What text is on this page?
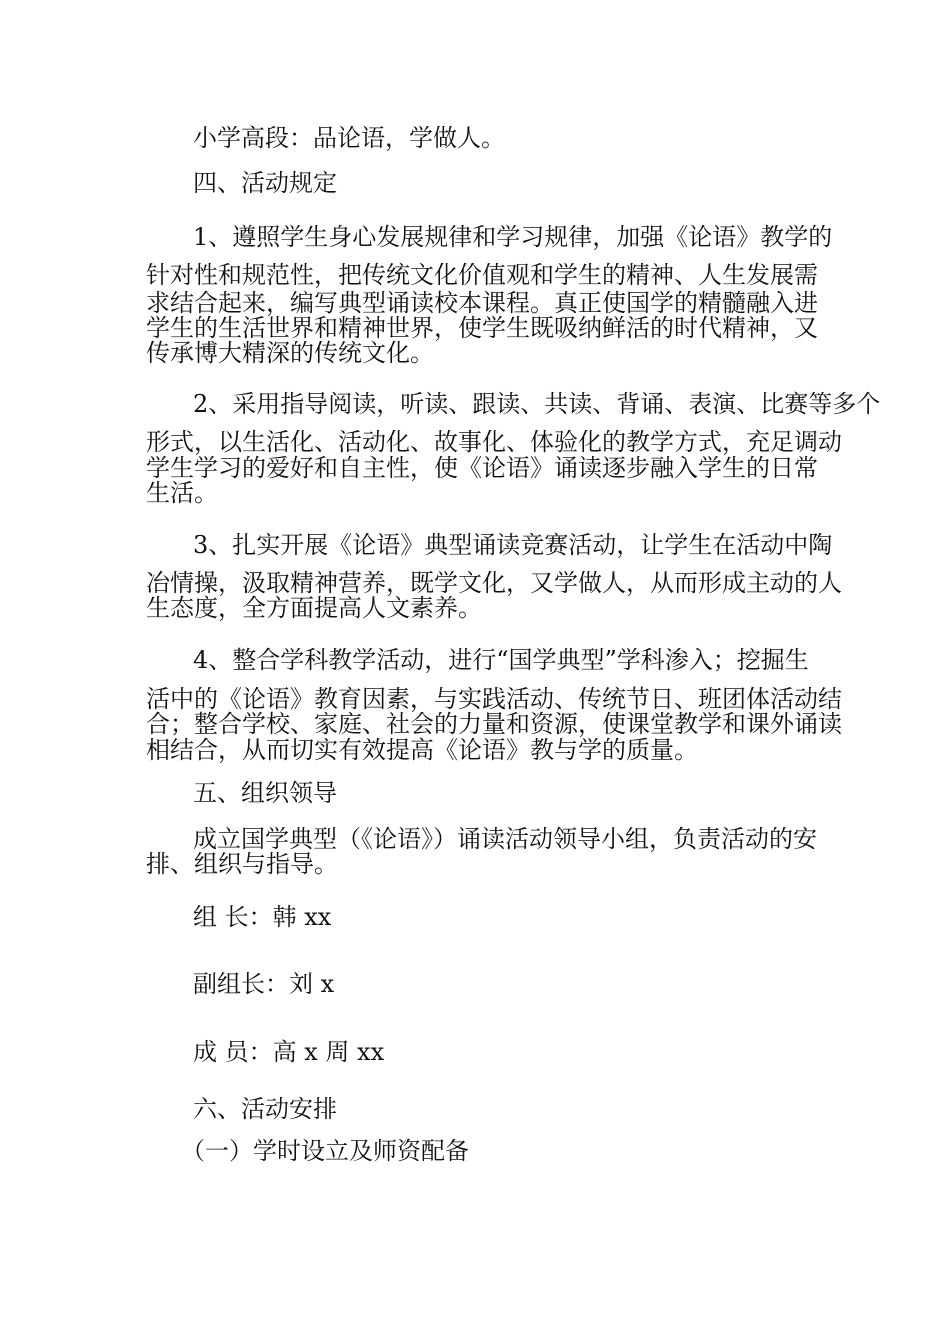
小学高段：品论语，学做人。
四、活动规定
1、遵照学生身心发展规律和学习规律，加强《论语》教学的
针对性和规范性，把传统文化价值观和学生的精神、人生发展需
求结合起来，编写典型诵读校本课程。真正使国学的精髓融入进
学生的生活世界和精神世界，使学生既吸纳鲜活的时代精神，又
传承博大精深的传统文化。
2、采用指导阅读，听读、跟读、共读、背诵、表演、比赛等多个
形式，以生活化、活动化、故事化、体验化的教学方式，充足调动
学生学习的爱好和自主性，使《论语》诵读逐步融入学生的日常
生活。
3、扎实开展《论语》典型诵读竞赛活动，让学生在活动中陶
冶情操，汲取精神营养，既学文化，又学做人，从而形成主动的人
生态度，全方面提高人文素养。
4、整合学科教学活动，进行“国学典型”学科渗入；挖掘生
活中的《论语》教育因素，与实践活动、传统节日、班团体活动结
合；整合学校、家庭、社会的力量和资源，使课堂教学和课外诵读
相结合，从而切实有效提高《论语》教与学的质量。
五、组织领导
成立国学典型（《论语》）诵读活动领导小组，负责活动的安
排、组织与指导。
组 长：韩 xx
副组长：刘 x
成 员：高 x 周 xx
六、活动安排
（一）学时设立及师资配备
